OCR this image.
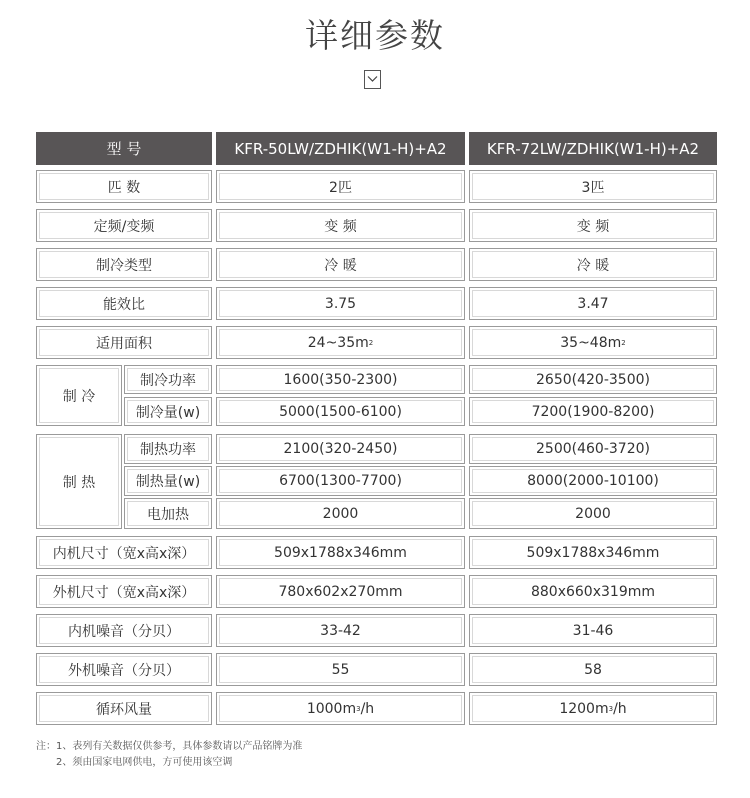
详细参数
型 号	KFR-50LW/ZDHIK(W1-H)+A2	KFR-72LW/ZDHIK(W1-H)+A2
匹 数	2匹	3匹
定频/变频	变 频	变 频
制冷类型	冷 暖	冷 暖
能效比	3.75	3.47
适用面积	24~35m 2	35~48m 2
制 冷
制冷功率	1600(350-2300)	2650(420-3500)
制冷量(w)	5000(1500-6100)	7200(1900-8200)
制 热
制热功率	2100(320-2450)	2500(460-3720)
制热量(w)	6700(1300-7700)	8000(2000-10100)
电加热	2000	2000
内机尺寸（宽x高x深）	509x1788x346mm	509x1788x346mm
外机尺寸（宽x高x深）	780x602x270mm	880x660x319mm
内机噪音（分贝）	33-42	31-46
外机噪音（分贝）	55	58
循环风量	1000m 3 /h	1200m 3 /h
注：1、表列有关数据仅供参考，具体参数请以产品铭牌为准
2、须由国家电网供电，方可使用该空调
